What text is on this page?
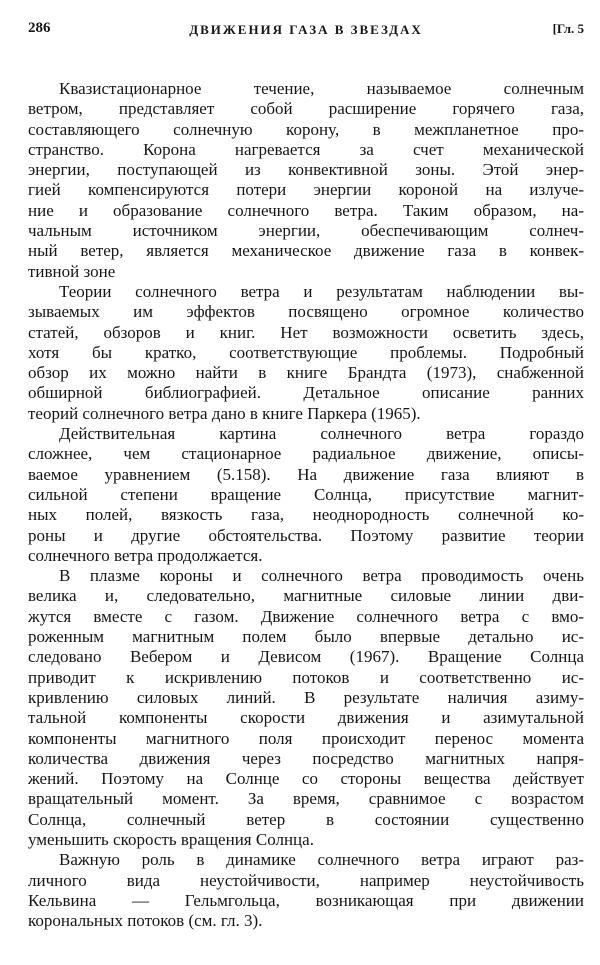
286	ДВИЖЕНИЯ ГАЗА В ЗВЕЗДАХ	[Гл. 5
Квазистационарное течение, называемое солнечным
ветром, представляет собой расширение горячего газа,
составляющего солнечную корону, в межпланетное про-
странство. Корона нагревается за счет механической
энергии, поступающей из конвективной зоны. Этой энер-
гией компенсируются потери энергии короной на излуче-
ние и образование солнечного ветра. Таким образом, на-
чальным источником энергии, обеспечивающим солнеч-
ный ветер, является механическое движение газа в конвек-
тивной зоне
Теории солнечного ветра и результатам наблюдении вы-
зываемых им эффектов посвящено огромное количество
статей, обзоров и книг. Нет возможности осветить здесь,
хотя бы кратко, соответствующие проблемы. Подробный
обзор их можно найти в книге Брандта (1973), снабженной
обширной библиографией. Детальное описание ранних
теорий солнечного ветра дано в книге Паркера (1965).
Действительная картина солнечного ветра гораздо
сложнее, чем стационарное радиальное движение, описы-
ваемое уравнением (5.158). На движение газа влияют в
сильной степени вращение Солнца, присутствие магнит-
ных полей, вязкость газа, неоднородность солнечной ко-
роны и другие обстоятельства. Поэтому развитие теории
солнечного ветра продолжается.
В плазме короны и солнечного ветра проводимость очень
велика и, следовательно, магнитные силовые линии дви-
жутся вместе с газом. Движение солнечного ветра с вмо-
роженным магнитным полем было впервые детально ис-
следовано Вебером и Девисом (1967). Вращение Солнца
приводит к искривлению потоков и соответственно ис-
кривлению силовых линий. В результате наличия азиму-
тальной компоненты скорости движения и азимутальной
компоненты магнитного поля происходит перенос момента
количества движения через посредство магнитных напря-
жений. Поэтому на Солнце со стороны вещества действует
вращательный момент. За время, сравнимое с возрастом
Солнца, солнечный ветер в состоянии существенно
уменьшить скорость вращения Солнца.
Важную роль в динамике солнечного ветра играют раз-
личного вида неустойчивости, например неустойчивость
Кельвина — Гельмгольца, возникающая при движении
корональных потоков (см. гл. 3).
